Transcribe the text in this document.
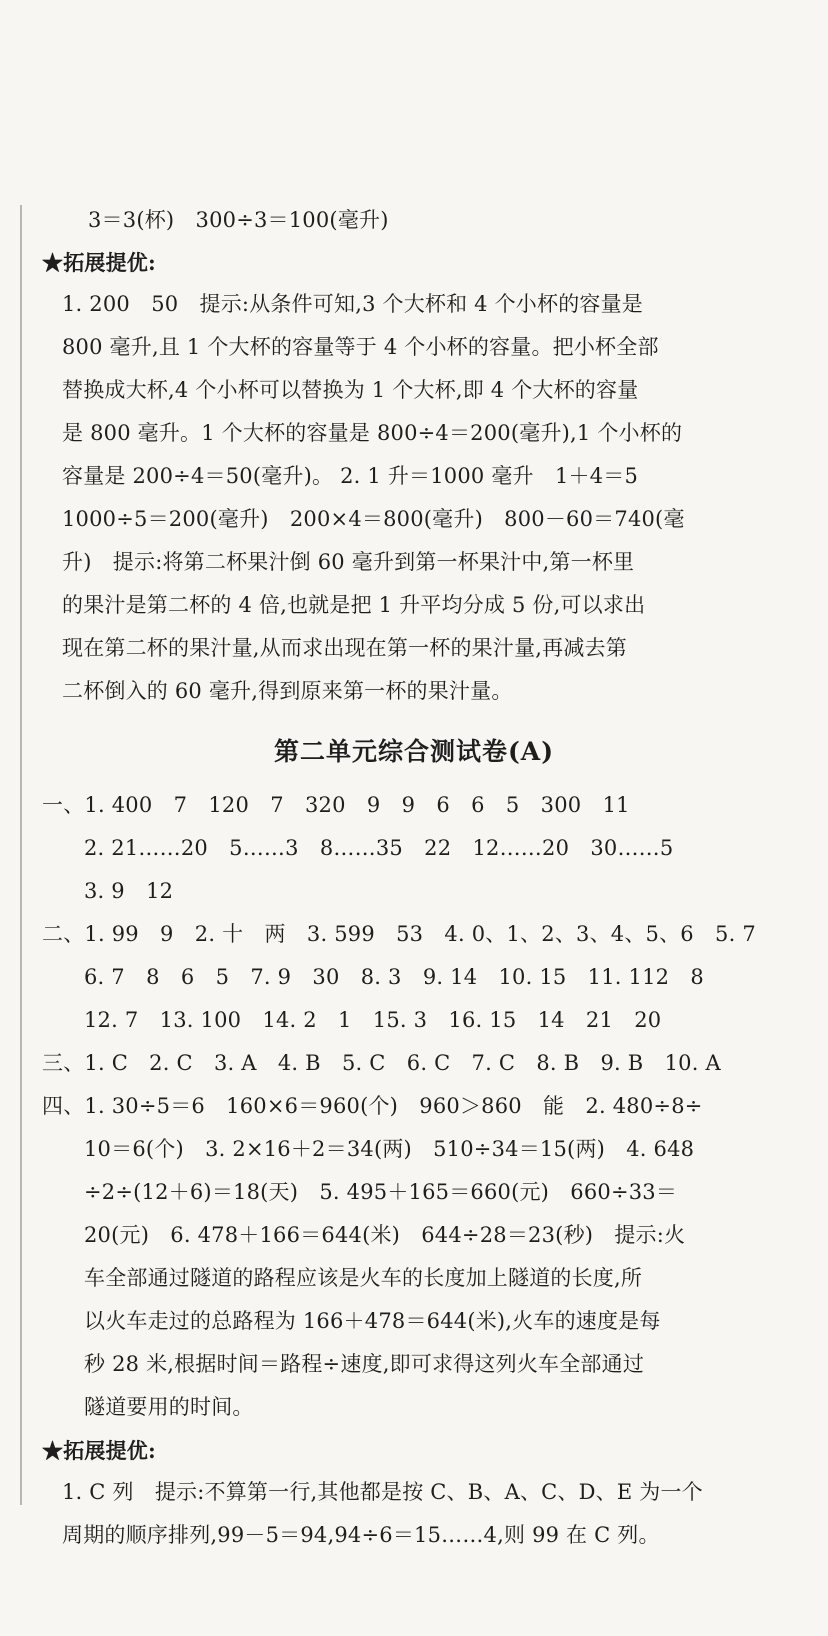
3＝3(杯)　300÷3＝100(毫升)
★拓展提优:
1. 200　50　提示:从条件可知,3 个大杯和 4 个小杯的容量是
800 毫升,且 1 个大杯的容量等于 4 个小杯的容量。把小杯全部
替换成大杯,4 个小杯可以替换为 1 个大杯,即 4 个大杯的容量
是 800 毫升。1 个大杯的容量是 800÷4＝200(毫升),1 个小杯的
容量是 200÷4＝50(毫升)。 2. 1 升＝1000 毫升　1＋4＝5
1000÷5＝200(毫升)　200×4＝800(毫升)　800－60＝740(毫
升)　提示:将第二杯果汁倒 60 毫升到第一杯果汁中,第一杯里
的果汁是第二杯的 4 倍,也就是把 1 升平均分成 5 份,可以求出
现在第二杯的果汁量,从而求出现在第一杯的果汁量,再减去第
二杯倒入的 60 毫升,得到原来第一杯的果汁量。
第二单元综合测试卷(A)
一、1. 400　7　120　7　320　9　9　6　6　5　300　11
2. 21……20　5……3　8……35　22　12……20　30……5
3. 9　12
二、1. 99　9　2. 十　两　3. 599　53　4. 0、1、2、3、4、5、6　5. 7
6. 7　8　6　5　7. 9　30　8. 3　9. 14　10. 15　11. 112　8
12. 7　13. 100　14. 2　1　15. 3　16. 15　14　21　20
三、1. C　2. C　3. A　4. B　5. C　6. C　7. C　8. B　9. B　10. A
四、1. 30÷5＝6　160×6＝960(个)　960＞860　能　2. 480÷8÷
10＝6(个)　3. 2×16＋2＝34(两)　510÷34＝15(两)　4. 648
÷2÷(12＋6)＝18(天)　5. 495＋165＝660(元)　660÷33＝
20(元)　6. 478＋166＝644(米)　644÷28＝23(秒)　提示:火
车全部通过隧道的路程应该是火车的长度加上隧道的长度,所
以火车走过的总路程为 166＋478＝644(米),火车的速度是每
秒 28 米,根据时间＝路程÷速度,即可求得这列火车全部通过
隧道要用的时间。
★拓展提优:
1. C 列　提示:不算第一行,其他都是按 C、B、A、C、D、E 为一个
周期的顺序排列,99－5＝94,94÷6＝15……4,则 99 在 C 列。
